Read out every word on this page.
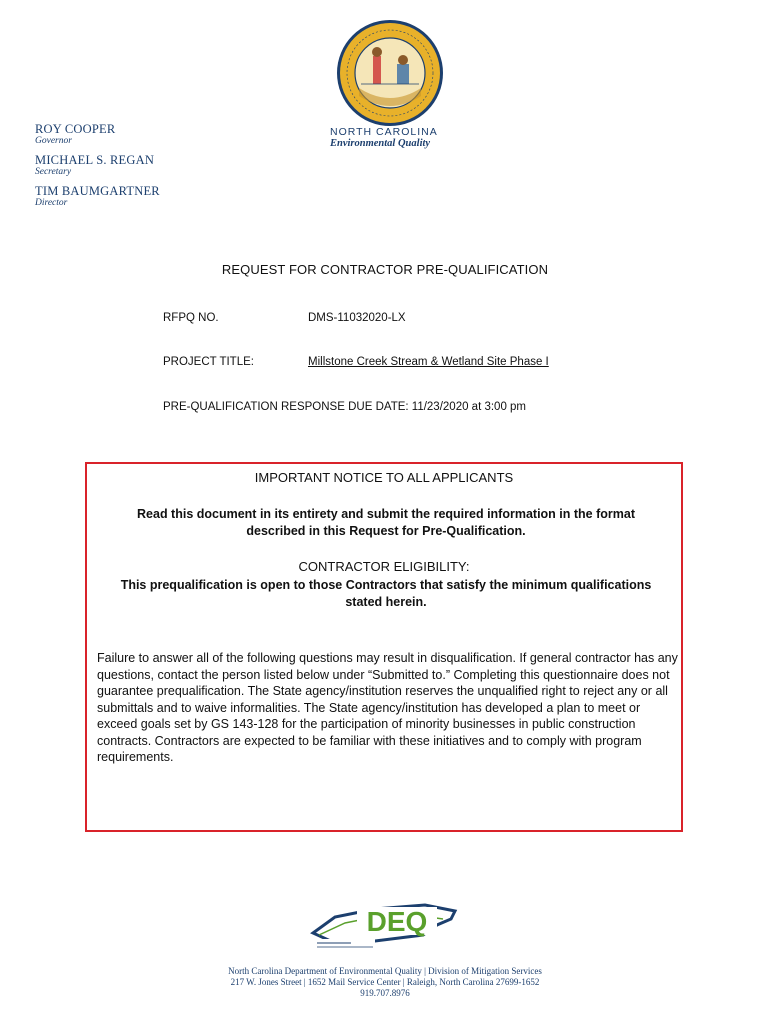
ROY COOPER
Governor
MICHAEL S. REGAN
Secretary
TIM BAUMGARTNER
Director
NORTH CAROLINA
Environmental Quality
REQUEST FOR CONTRACTOR PRE-QUALIFICATION
RFPQ NO.	DMS-11032020-LX
PROJECT TITLE:	Millstone Creek Stream & Wetland Site Phase I
PRE-QUALIFICATION RESPONSE DUE DATE: 11/23/2020 at 3:00 pm
IMPORTANT NOTICE TO ALL APPLICANTS
Read this document in its entirety and submit the required information in the format described in this Request for Pre-Qualification.
CONTRACTOR ELIGIBILITY:
This prequalification is open to those Contractors that satisfy the minimum qualifications stated herein.
Failure to answer all of the following questions may result in disqualification. If general contractor has any questions, contact the person listed below under “Submitted to.” Completing this questionnaire does not guarantee prequalification. The State agency/institution reserves the unqualified right to reject any or all submittals and to waive informalities. The State agency/institution has developed a plan to meet or exceed goals set by GS 143-128 for the participation of minority businesses in public construction contracts. Contractors are expected to be familiar with these initiatives and to comply with program requirements.
DEQ
North Carolina Department of Environmental Quality | Division of Mitigation Services
217 W. Jones Street | 1652 Mail Service Center | Raleigh, North Carolina 27699-1652
919.707.8976
